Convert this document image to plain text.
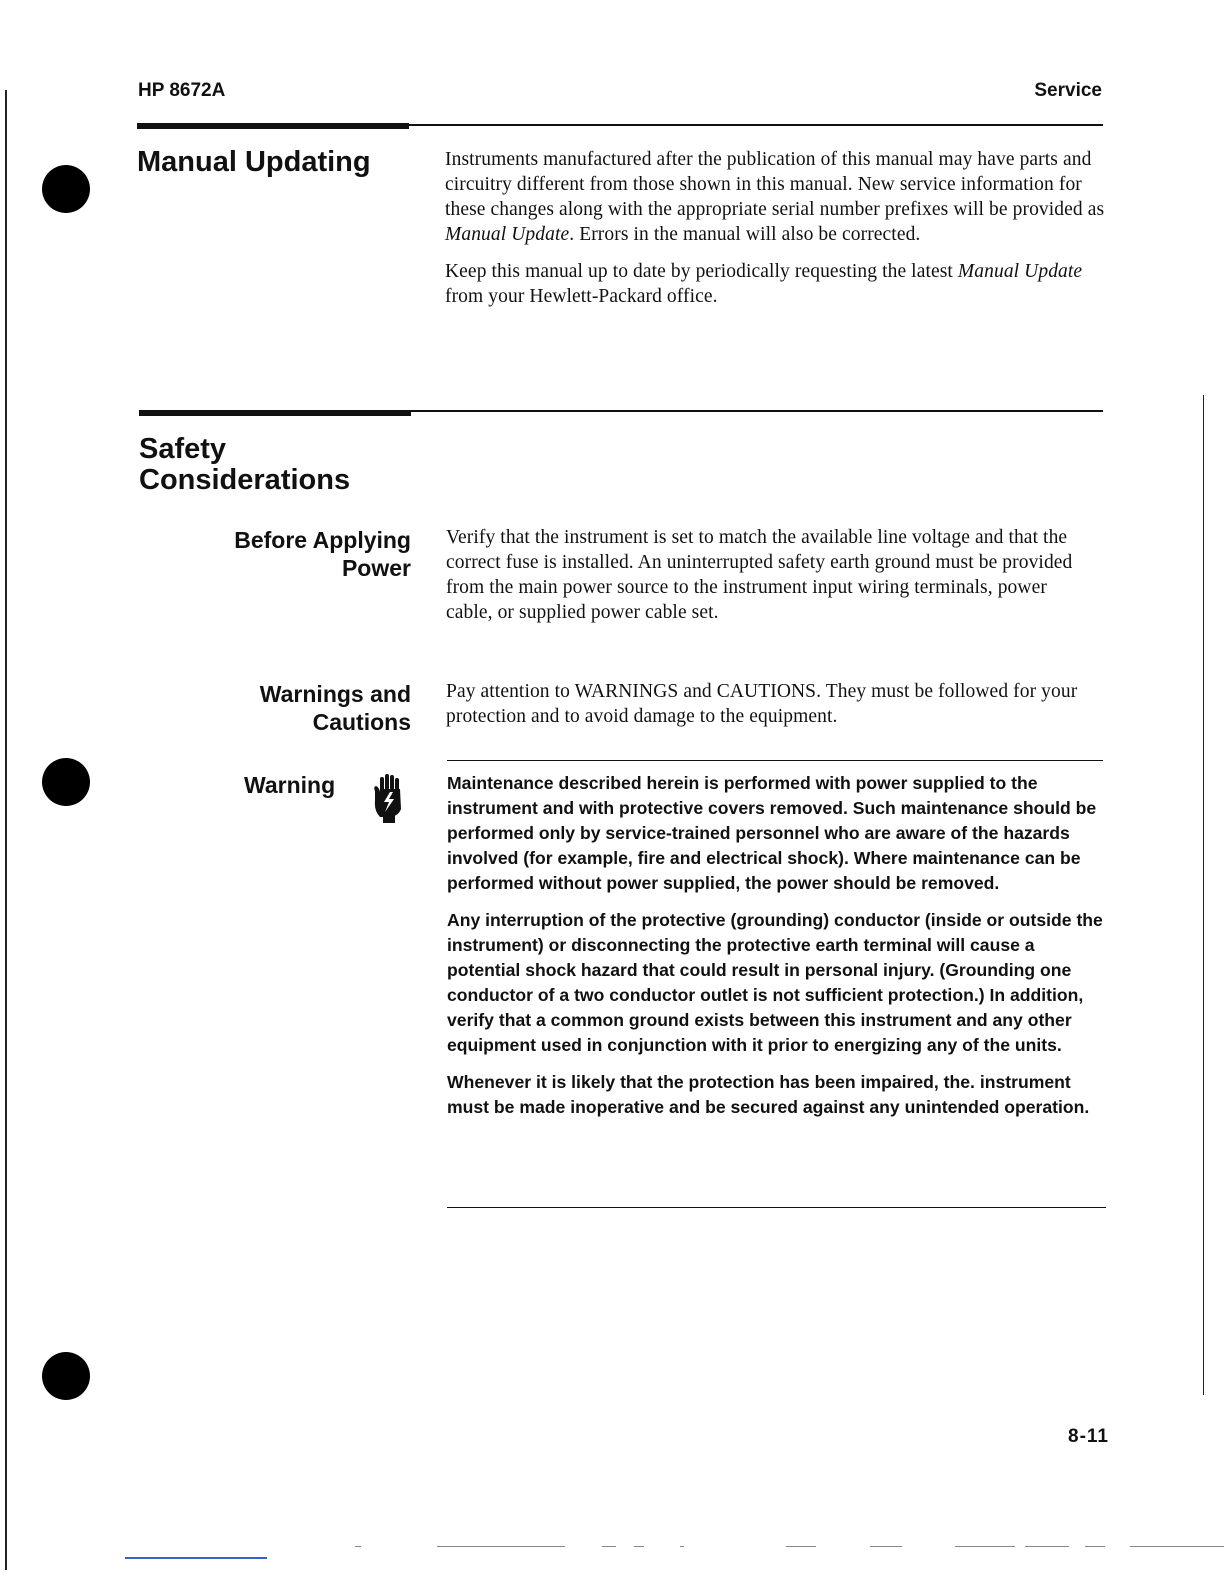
HP 8672A	Service
Manual Updating	Instruments manufactured after the publication of this manual may have parts and circuitry different from those shown in this manual. New service information for these changes along with the appropriate serial number prefixes will be provided as Manual Update. Errors in the manual will also be corrected.

Keep this manual up to date by periodically requesting the latest Manual Update from your Hewlett-Packard office.

Safety
Considerations
Before Applying
Power
Verify that the instrument is set to match the available line voltage and that the correct fuse is installed. An uninterrupted safety earth ground must be provided from the main power source to the instrument input wiring terminals, power cable, or supplied power cable set.
Warnings and
Cautions
Pay attention to WARNINGS and CAUTIONS. They must be followed for your protection and to avoid damage to the equipment.
Warning	Maintenance described herein is performed with power supplied to the instrument and with protective covers removed. Such maintenance should be performed only by service-trained personnel who are aware of the hazards involved (for example, fire and electrical shock). Where maintenance can be performed without power supplied, the power should be removed.

Any interruption of the protective (grounding) conductor (inside or outside the instrument) or disconnecting the protective earth terminal will cause a potential shock hazard that could result in personal injury. (Grounding one conductor of a two conductor outlet is not sufficient protection.) In addition, verify that a common ground exists between this instrument and any other equipment used in conjunction with it prior to energizing any of the units.

Whenever it is likely that the protection has been impaired, the. instrument must be made inoperative and be secured against any unintended operation.

8-11
